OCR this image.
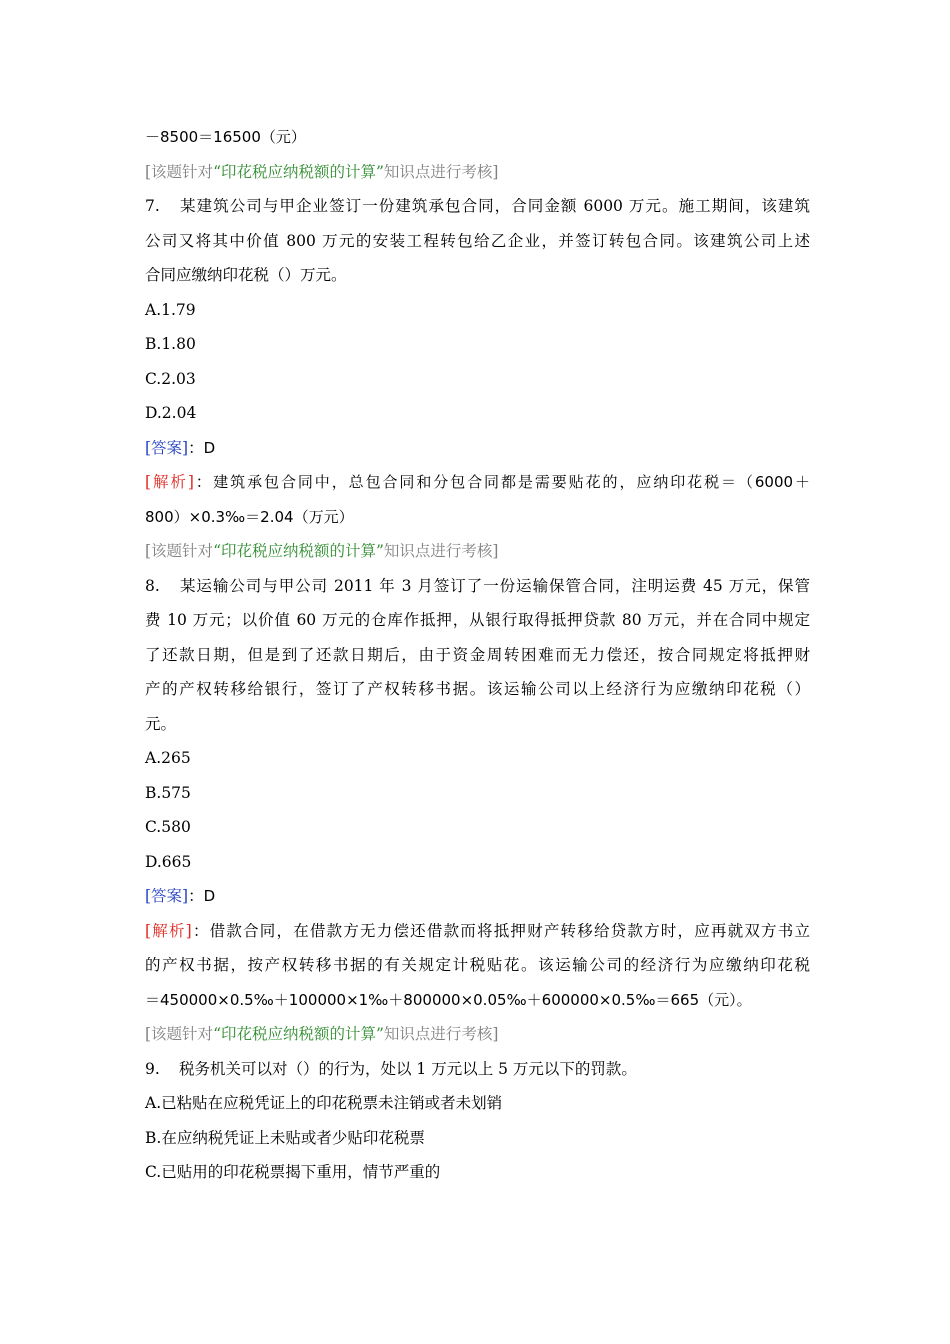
－8500＝16500（元）
[该题针对“印花税应纳税额的计算”知识点进行考核]
7. 某建筑公司与甲企业签订一份建筑承包合同，合同金额 6000 万元。施工期间，该建筑
公司又将其中价值 800 万元的安装工程转包给乙企业，并签订转包合同。该建筑公司上述
合同应缴纳印花税（）万元。
A.1.79
B.1.80
C.2.03
D.2.04
[答案]：D
[解析]：建筑承包合同中，总包合同和分包合同都是需要贴花的，应纳印花税＝（6000＋
800）×0.3‰＝2.04（万元）
[该题针对“印花税应纳税额的计算”知识点进行考核]
8. 某运输公司与甲公司 2011 年 3 月签订了一份运输保管合同，注明运费 45 万元，保管
费 10 万元；以价值 60 万元的仓库作抵押，从银行取得抵押贷款 80 万元，并在合同中规定
了还款日期，但是到了还款日期后，由于资金周转困难而无力偿还，按合同规定将抵押财
产的产权转移给银行，签订了产权转移书据。该运输公司以上经济行为应缴纳印花税（）
元。
A.265
B.575
C.580
D.665
[答案]：D
[解析]：借款合同，在借款方无力偿还借款而将抵押财产转移给贷款方时，应再就双方书立
的产权书据，按产权转移书据的有关规定计税贴花。该运输公司的经济行为应缴纳印花税
＝450000×0.5‰＋100000×1‰＋800000×0.05‰＋600000×0.5‰＝665（元）。
[该题针对“印花税应纳税额的计算”知识点进行考核]
9. 税务机关可以对（）的行为，处以 1 万元以上 5 万元以下的罚款。
A.已粘贴在应税凭证上的印花税票未注销或者未划销
B.在应纳税凭证上未贴或者少贴印花税票
C.已贴用的印花税票揭下重用，情节严重的
